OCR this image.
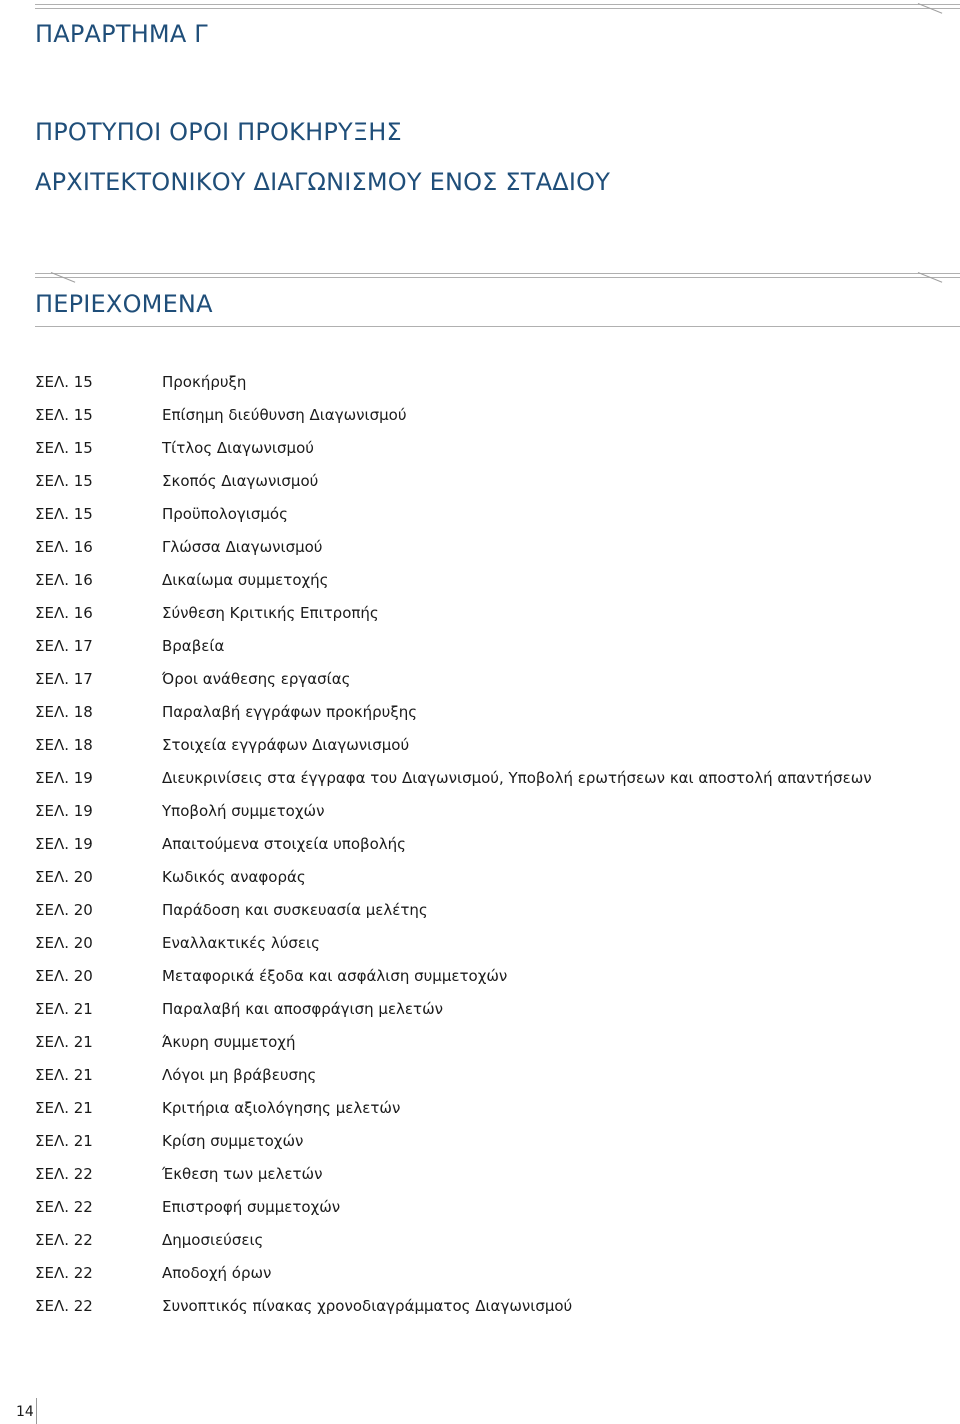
ΠΑΡΑΡΤΗΜΑ Γ
ΠΡΟΤΥΠΟΙ ΟΡΟΙ ΠΡΟΚΗΡΥΞΗΣ
ΑΡΧΙΤΕΚΤΟΝΙΚΟΥ ΔΙΑΓΩΝΙΣΜΟΥ ΕΝΟΣ ΣΤΑΔΙΟΥ
ΠΕΡΙΕΧΟΜΕΝΑ
ΣΕΛ. 15	Προκήρυξη
ΣΕΛ. 15	Επίσημη διεύθυνση Διαγωνισμού
ΣΕΛ. 15	Τίτλος Διαγωνισμού
ΣΕΛ. 15	Σκοπός Διαγωνισμού
ΣΕΛ. 15	Προϋπολογισμός
ΣΕΛ. 16	Γλώσσα Διαγωνισμού
ΣΕΛ. 16	Δικαίωμα συμμετοχής
ΣΕΛ. 16	Σύνθεση Κριτικής Επιτροπής
ΣΕΛ. 17	Βραβεία
ΣΕΛ. 17	Όροι ανάθεσης εργασίας
ΣΕΛ. 18	Παραλαβή εγγράφων προκήρυξης
ΣΕΛ. 18	Στοιχεία εγγράφων Διαγωνισμού
ΣΕΛ. 19	Διευκρινίσεις στα έγγραφα του Διαγωνισμού, Υποβολή ερωτήσεων και αποστολή απαντήσεων
ΣΕΛ. 19	Υποβολή συμμετοχών
ΣΕΛ. 19	Απαιτούμενα στοιχεία υποβολής
ΣΕΛ. 20	Κωδικός αναφοράς
ΣΕΛ. 20	Παράδοση και συσκευασία μελέτης
ΣΕΛ. 20	Εναλλακτικές λύσεις
ΣΕΛ. 20	Μεταφορικά έξοδα και ασφάλιση συμμετοχών
ΣΕΛ. 21	Παραλαβή και αποσφράγιση μελετών
ΣΕΛ. 21	Άκυρη συμμετοχή
ΣΕΛ. 21	Λόγοι μη βράβευσης
ΣΕΛ. 21	Κριτήρια αξιολόγησης μελετών
ΣΕΛ. 21	Κρίση συμμετοχών
ΣΕΛ. 22	Έκθεση των μελετών
ΣΕΛ. 22	Επιστροφή συμμετοχών
ΣΕΛ. 22	Δημοσιεύσεις
ΣΕΛ. 22	Αποδοχή όρων
ΣΕΛ. 22	Συνοπτικός πίνακας χρονοδιαγράμματος Διαγωνισμού
14
